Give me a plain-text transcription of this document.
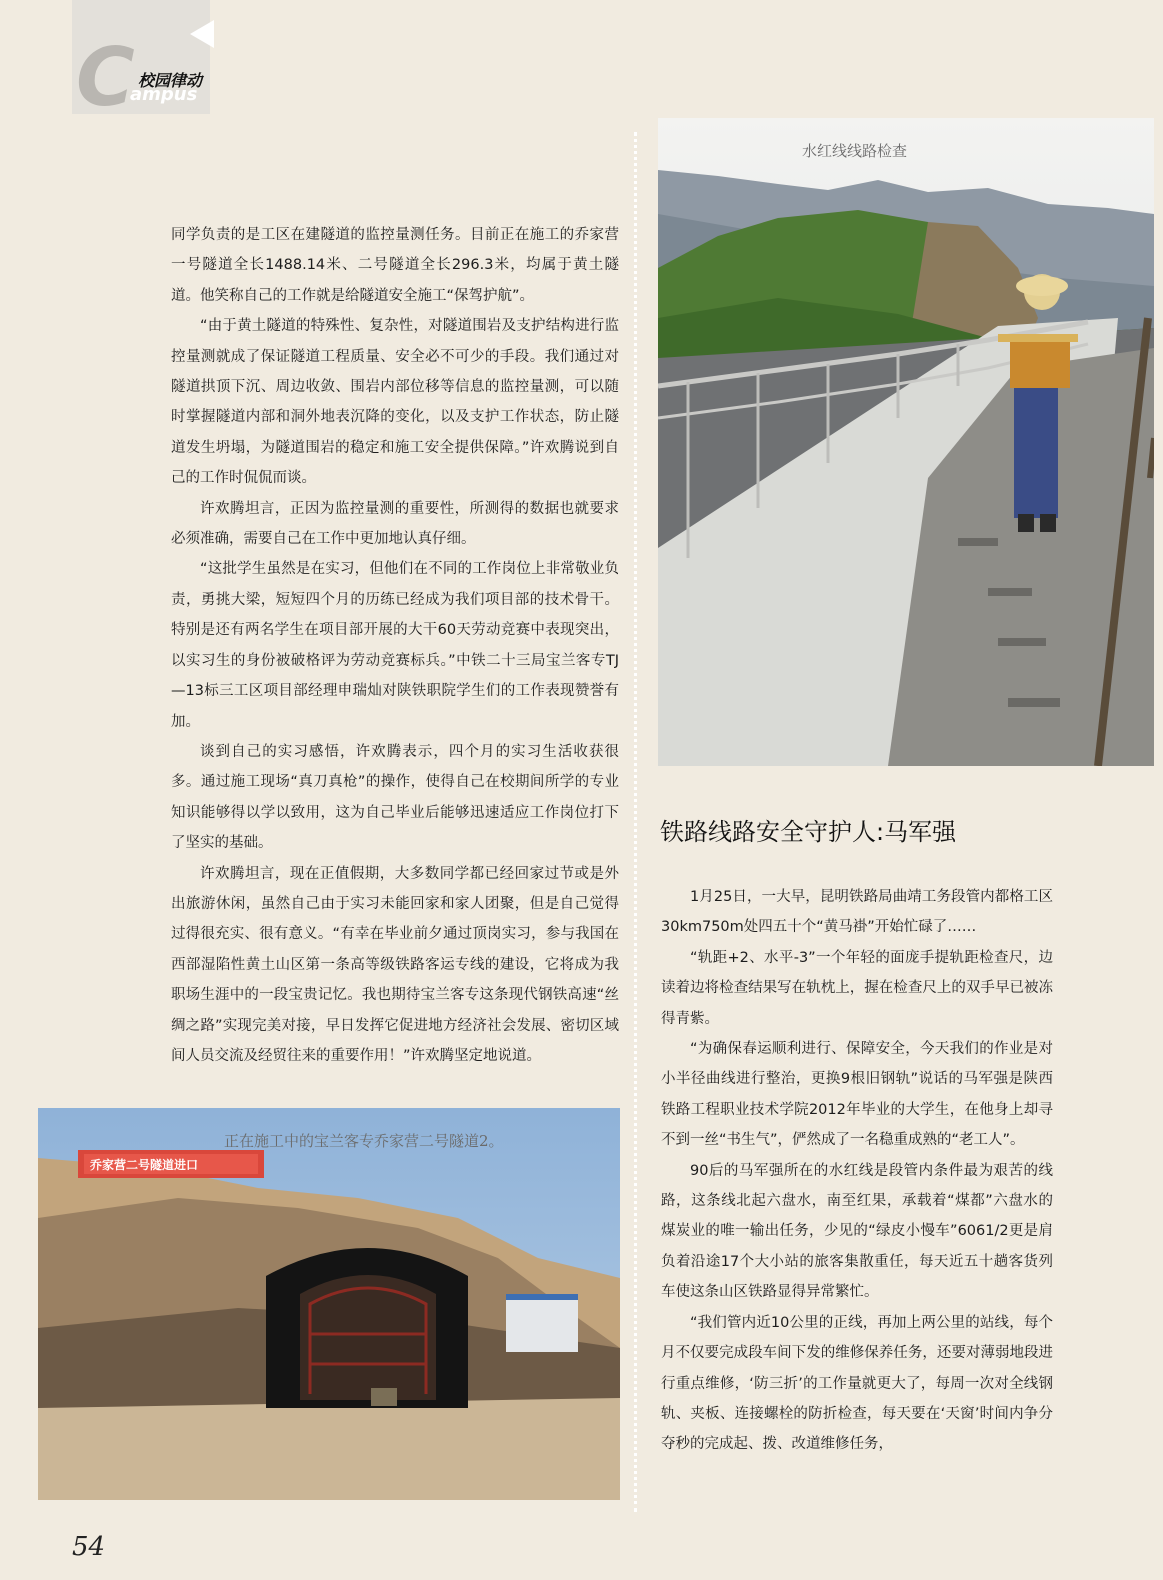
C 校园律动
ampus

同学负责的是工区在建隧道的监控量测任务。目前正在施工的乔家营一号隧道全长1488.14米、二号隧道全长296.3米，均属于黄土隧道。他笑称自己的工作就是给隧道安全施工“保驾护航”。

“由于黄土隧道的特殊性、复杂性，对隧道围岩及支护结构进行监控量测就成了保证隧道工程质量、安全必不可少的手段。我们通过对隧道拱顶下沉、周边收敛、围岩内部位移等信息的监控量测，可以随时掌握隧道内部和洞外地表沉降的变化，以及支护工作状态，防止隧道发生坍塌，为隧道围岩的稳定和施工安全提供保障。”许欢腾说到自己的工作时侃侃而谈。

许欢腾坦言，正因为监控量测的重要性，所测得的数据也就要求必须准确，需要自己在工作中更加地认真仔细。

“这批学生虽然是在实习，但他们在不同的工作岗位上非常敬业负责，勇挑大梁，短短四个月的历练已经成为我们项目部的技术骨干。特别是还有两名学生在项目部开展的大干60天劳动竞赛中表现突出，以实习生的身份被破格评为劳动竞赛标兵。”中铁二十三局宝兰客专TJ—13标三工区项目部经理申瑞灿对陕铁职院学生们的工作表现赞誉有加。

谈到自己的实习感悟，许欢腾表示，四个月的实习生活收获很多。通过施工现场“真刀真枪”的操作，使得自己在校期间所学的专业知识能够得以学以致用，这为自己毕业后能够迅速适应工作岗位打下了坚实的基础。

许欢腾坦言，现在正值假期，大多数同学都已经回家过节或是外出旅游休闲，虽然自己由于实习未能回家和家人团聚，但是自己觉得过得很充实、很有意义。“有幸在毕业前夕通过顶岗实习，参与我国在西部湿陷性黄土山区第一条高等级铁路客运专线的建设，它将成为我职场生涯中的一段宝贵记忆。我也期待宝兰客专这条现代钢铁高速“丝绸之路”实现完美对接，早日发挥它促进地方经济社会发展、密切区域间人员交流及经贸往来的重要作用！”许欢腾坚定地说道。

水红线线路检查
铁路线路安全守护人:马军强

1月25日，一大早，昆明铁路局曲靖工务段管内都格工区30km750m处四五十个“黄马褂”开始忙碌了……

“轨距+2、水平-3”一个年轻的面庞手提轨距检查尺，边读着边将检查结果写在轨枕上，握在检查尺上的双手早已被冻得青紫。

“为确保春运顺利进行、保障安全，今天我们的作业是对小半径曲线进行整治，更换9根旧钢轨”说话的马军强是陕西铁路工程职业技术学院2012年毕业的大学生，在他身上却寻不到一丝“书生气”，俨然成了一名稳重成熟的“老工人”。

90后的马军强所在的水红线是段管内条件最为艰苦的线路，这条线北起六盘水，南至红果，承载着“煤都”六盘水的煤炭业的唯一输出任务，少见的“绿皮小慢车”6061/2更是肩负着沿途17个大小站的旅客集散重任，每天近五十趟客货列车使这条山区铁路显得异常繁忙。

“我们管内近10公里的正线，再加上两公里的站线，每个月不仅要完成段车间下发的维修保养任务，还要对薄弱地段进行重点维修，‘防三折’的工作量就更大了，每周一次对全线钢轨、夹板、连接螺栓的防折检查，每天要在‘天窗’时间内争分夺秒的完成起、拨、改道维修任务，

乔家营二号隧道进口
正在施工中的宝兰客专乔家营二号隧道2。
54
